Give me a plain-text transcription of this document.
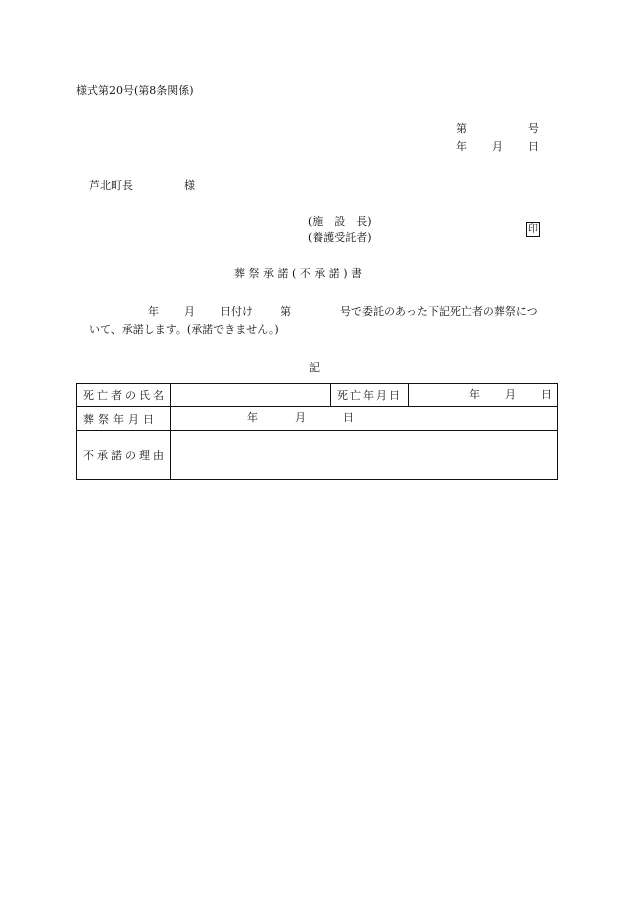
様式第20号(第8条関係)
第	号
年 月 日
芦北町長	様
(施　設　長)
(養護受託者)
印
葬 祭 承 諾 ( 不 承 諾 ) 書
年 月 日付け 第	号で委託のあった下記死亡者の葬祭につ
いて、承諾します。(承諾できません。)
記
死亡者の氏名		死亡年月日	年 月 日

葬祭年月日	年 月 日		

不承諾の理由			
